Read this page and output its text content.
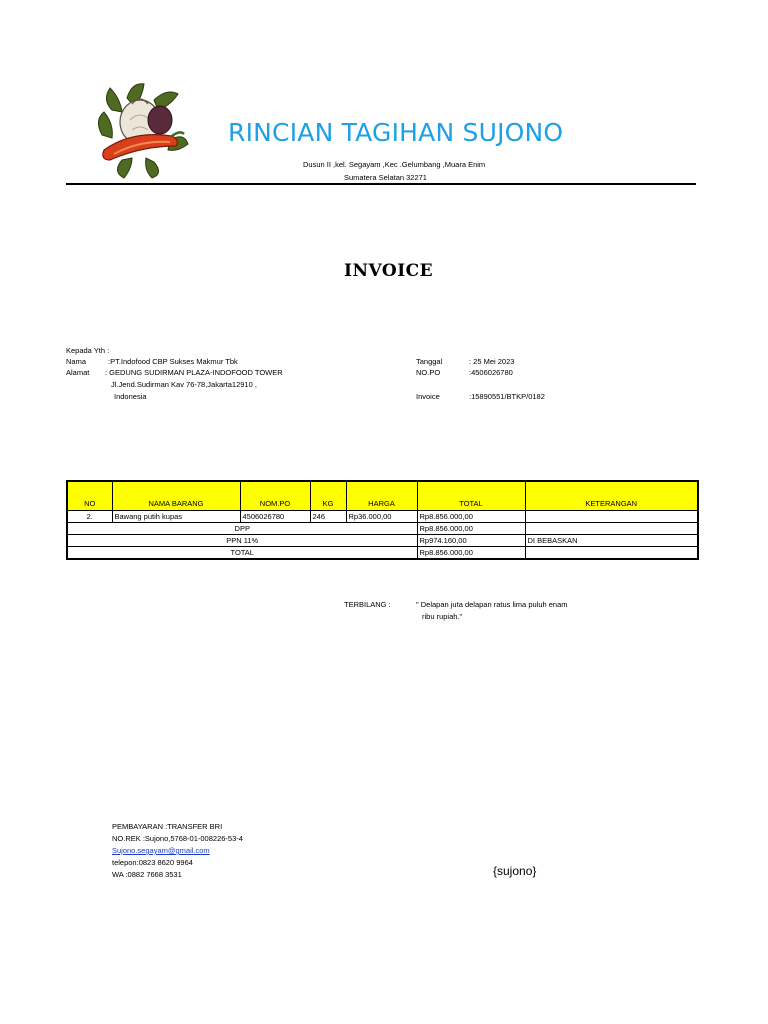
RINCIAN TAGIHAN SUJONO
Dusun II ,kel. Segayam ,Kec .Gelumbang ,Muara Enim
Sumatera Selatan 32271
INVOICE
Kepada Yth :
Nama	:PT.Indofood CBP Sukses Makmur Tbk
Alamat : GEDUNG SUDIRMAN PLAZA-INDOFOOD TOWER
Jl.Jend.Sudirman Kav 76-78,Jakarta12910 ,
Indonesia
Tanggal	: 25 Mei 2023
NO.PO	:4506026780
Invoice	:15890551/BTKP/0182
NO	NAMA BARANG	NOM.PO	KG	HARGA	TOTAL	KETERANGAN
2.	Bawang putih kupas	4506026780	246	Rp36.000,00	Rp8.856.000,00	
DPP					Rp8.856.000,00	
PPN 11%					Rp974.160,00	DI BEBASKAN
TOTAL					Rp8.856.000,00	
TERBILANG :	" Delapan juta delapan ratus lima puluh enam
ribu rupiah."
PEMBAYARAN :TRANSFER BRI
NO.REK :Sujono,5768-01-008226-53-4
Sujono.segayam@gmail.com
telepon:0823 8620 9964
WA :0882 7668 3531	{sujono}
